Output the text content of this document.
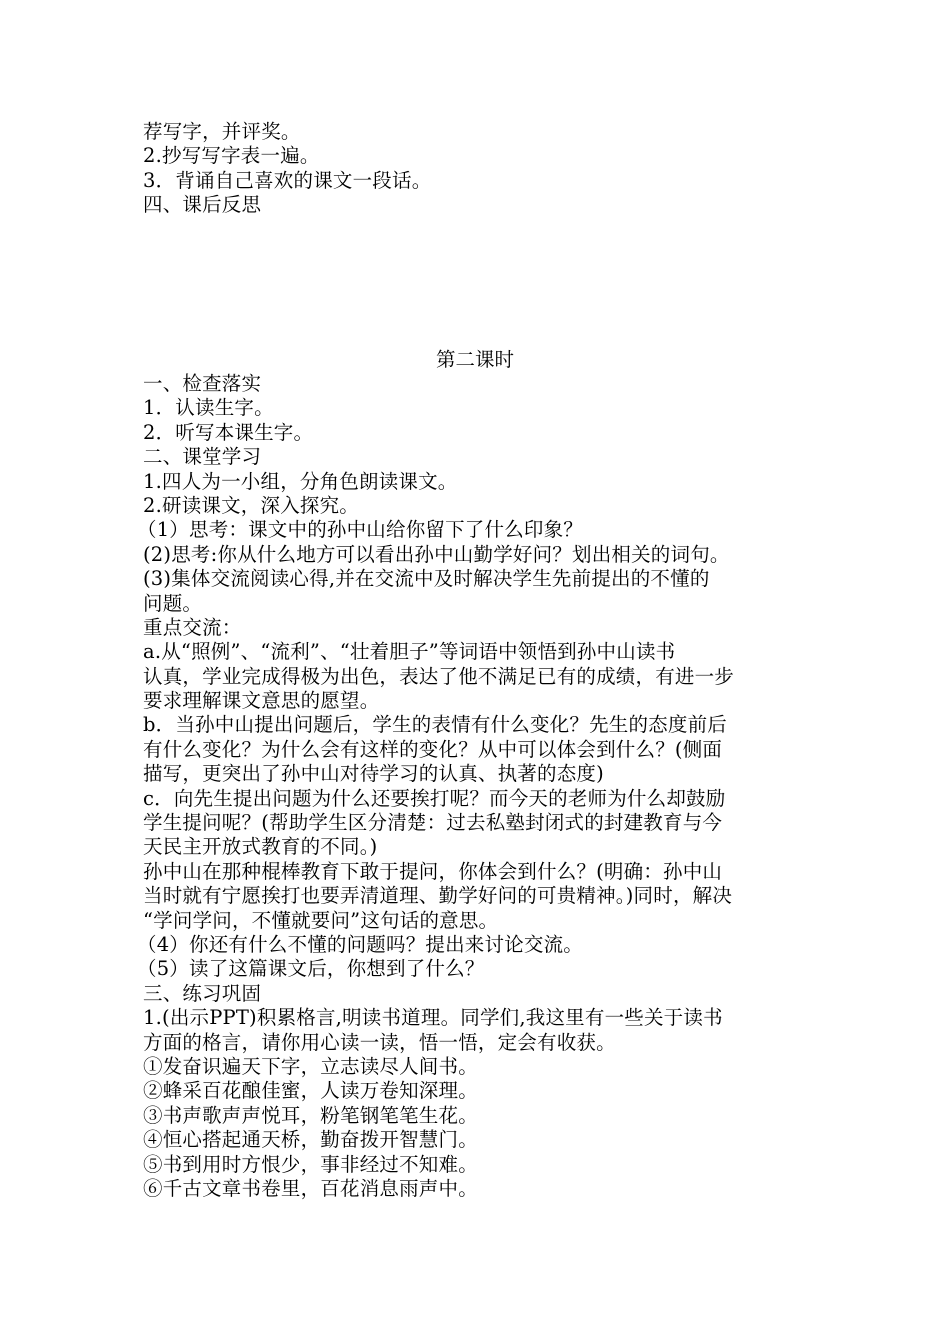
荐写字，并评奖。
2.抄写写字表一遍。
3．背诵自己喜欢的课文一段话。
四、课后反思
第二课时
一、检查落实
1．认读生字。
2．听写本课生字。
二、课堂学习
1.四人为一小组，分角色朗读课文。
2.研读课文，深入探究。
（1）思考：课文中的孙中山给你留下了什么印象？
(2)思考:你从什么地方可以看出孙中山勤学好问？划出相关的词句。
(3)集体交流阅读心得,并在交流中及时解决学生先前提出的不懂的
问题。
重点交流：
a.从“照例”、“流利”、“壮着胆子”等词语中领悟到孙中山读书
认真，学业完成得极为出色，表达了他不满足已有的成绩，有进一步
要求理解课文意思的愿望。
b．当孙中山提出问题后，学生的表情有什么变化？先生的态度前后
有什么变化？为什么会有这样的变化？从中可以体会到什么？(侧面
描写，更突出了孙中山对待学习的认真、执著的态度)
c．向先生提出问题为什么还要挨打呢？而今天的老师为什么却鼓励
学生提问呢？(帮助学生区分清楚：过去私塾封闭式的封建教育与今
天民主开放式教育的不同。)
孙中山在那种棍棒教育下敢于提问，你体会到什么？(明确：孙中山
当时就有宁愿挨打也要弄清道理、勤学好问的可贵精神。)同时，解决
“学问学问，不懂就要问”这句话的意思。
（4）你还有什么不懂的问题吗？提出来讨论交流。
（5）读了这篇课文后，你想到了什么？
三、练习巩固
1.(出示PPT)积累格言,明读书道理。同学们,我这里有一些关于读书
方面的格言，请你用心读一读，悟一悟，定会有收获。
①发奋识遍天下字，立志读尽人间书。
②蜂采百花酿佳蜜，人读万卷知深理。
③书声歌声声悦耳，粉笔钢笔笔生花。
④恒心搭起通天桥，勤奋拨开智慧门。
⑤书到用时方恨少，事非经过不知难。
⑥千古文章书卷里，百花消息雨声中。
